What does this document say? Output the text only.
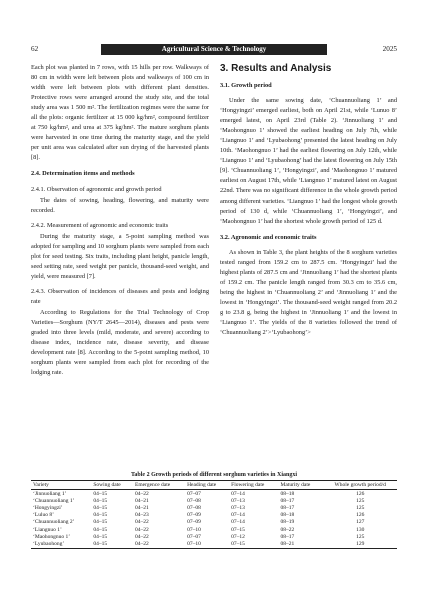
62	Agricultural Science & Technology	2025

Each plot was planted in 7 rows, with 15 hills per row. Walkways of 80 cm in width were left between plots and walkways of 100 cm in width were left between plots with different plant densities. Protective rows were arranged around the study site, and the total study area was 1 500 m². The fertilization regimes were the same for all the plots: organic fertilizer at 15 000 kg/hm², compound fertilizer at 750 kg/hm², and urea at 375 kg/hm². The mature sorghum plants were harvested in one time during the maturity stage, and the yield per unit area was calculated after sun drying of the harvested plants [8].

2.4. Determination items and methods

2.4.1. Observation of agronomic and growth period

The dates of sowing, heading, flowering, and maturity were recorded.

2.4.2. Measurement of agronomic and economic traits

During the maturity stage, a 5-point sampling method was adopted for sampling and 10 sorghum plants were sampled from each plot for seed testing. Six traits, including plant height, panicle length, seed setting rate, seed weight per panicle, thousand-seed weight, and yield, were measured [7].

2.4.3. Observation of incidences of diseases and pests and lodging rate

According to Regulations for the Trial Technology of Crop Varieties—Sorghum (NY/T 2645—2014), diseases and pests were graded into three levels (mild, moderate, and severe) according to disease index, incidence rate, disease severity, and disease development rate [8]. According to the 5-point sampling method, 10 sorghum plants were sampled from each plot for recording of the lodging rate.

3. Results and Analysis

3.1. Growth period

Under the same sowing date, ‘Chuannuoliang 1’ and ‘Hongyingzi’ emerged earliest, both on April 21st, while ‘Lunuo 8’ emerged latest, on April 23rd (Table 2). ‘Jinnuoliang 1’ and ‘Maohongnuo 1’ showed the earliest heading on July 7th, while ‘Liangnuo 1’ and ‘Lyubaohong’ presented the latest heading on July 10th. ‘Maohongnuo 1’ had the earliest flowering on July 12th, while ‘Liangnuo 1’ and ‘Lyubaohong’ had the latest flowering on July 15th [9]. ‘Chuannuoliang 1’, ‘Hongyingzi’, and ‘Maohongnuo 1’ matured earliest on August 17th, while ‘Liangnuo 1’ matured latest on August 22nd. There was no significant difference in the whole growth period among different varieties. ‘Liangnuo 1’ had the longest whole growth period of 130 d, while ‘Chuannuoliang 1’, ‘Hongyingzi’, and ‘Maohongnuo 1’ had the shortest whole growth period of 125 d.

3.2. Agronomic and economic traits

As shown in Table 3, the plant heights of the 8 sorghum varieties tested ranged from 159.2 cm to 287.5 cm. ‘Hongyingzi’ had the highest plants of 287.5 cm and ‘Jinnuoliang 1’ had the shortest plants of 159.2 cm. The panicle length ranged from 30.3 cm to 35.6 cm, being the highest in ‘Chuannuoliang 2’ and ‘Jinnuoliang 1’ and the lowest in ‘Hongyingzi’. The thousand-seed weight ranged from 20.2 g to 23.8 g, being the highest in ‘Jinnuoliang 1’ and the lowest in ‘Liangnuo 1’. The yields of the 8 varieties followed the trend of ‘Chuannuoliang 2’>‘Lyubaohong’>

Table 2 Growth periods of different sorghum varieties in Xiangxi
Variety	Sowing date	Emergence date	Heading date	Flowering date	Maturity date	Whole growth period/d
‘Jinnuoliang 1’	04–15	04–22	07–07	07–14	08–18	126
‘Chuannuoliang 1’	04–15	04–21	07–08	07–13	08–17	125
‘Hongyingzi’	04–15	04–21	07–08	07–13	08–17	125
‘Luluo 8’	04–15	04–23	07–09	07–14	08–18	126
‘Chuannuoliang 2’	04–15	04–22	07–09	07–14	08–19	127
‘Liangnuo 1’	04–15	04–22	07–10	07–15	08–22	130
‘Maohongnuo 1’	04–15	04–22	07–07	07–12	08–17	125
‘Lyubaohong’	04–15	04–22	07–10	07–15	08–21	129
